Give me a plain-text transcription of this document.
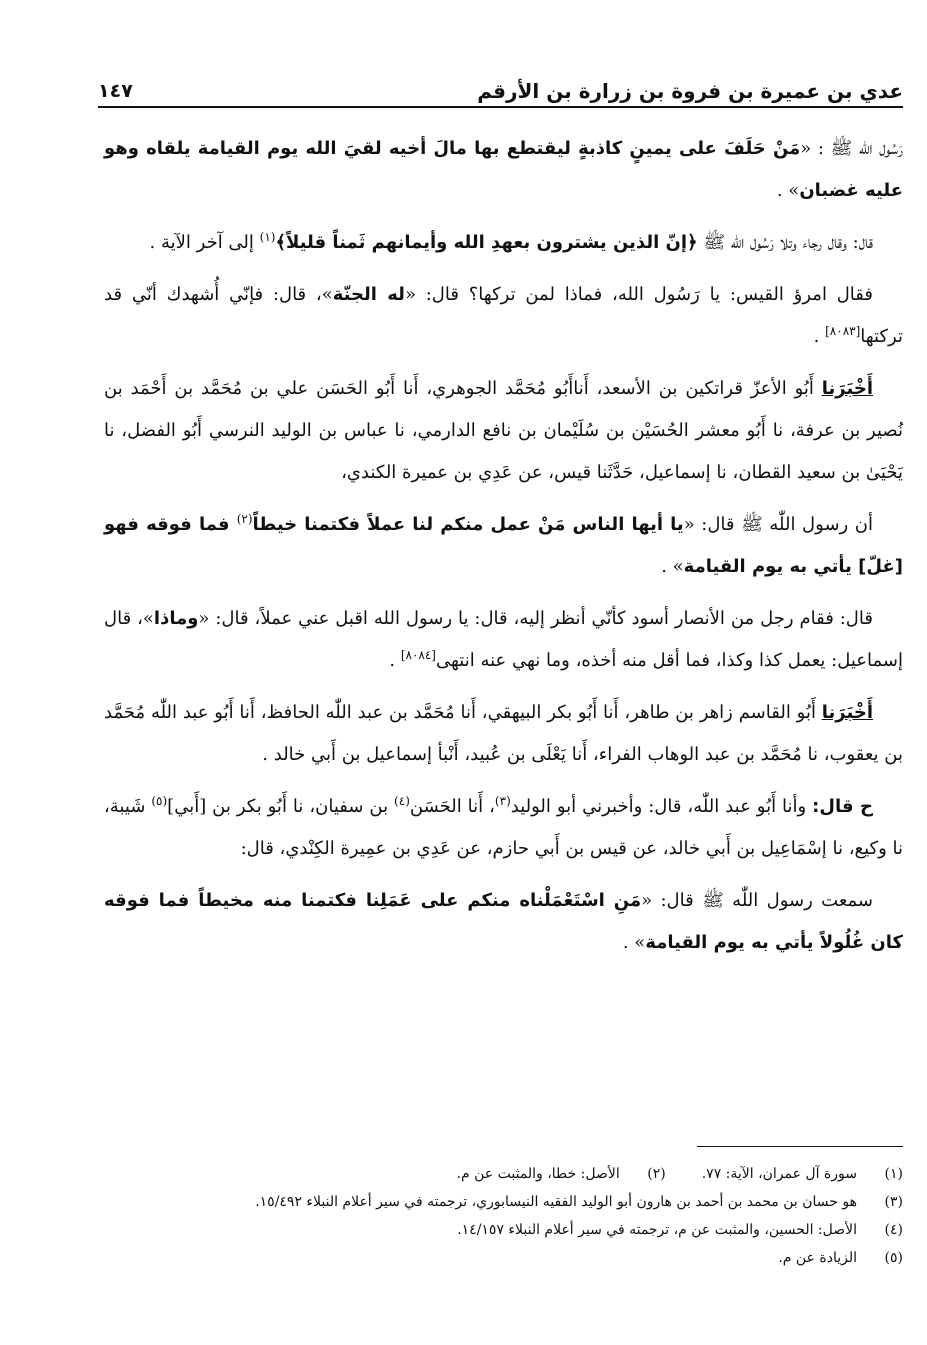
عدي بن عميرة بن فروة بن زرارة بن الأرقم
١٤٧

رَسُول الله ﷺ : «مَنْ حَلَفَ على يمينٍ كاذبةٍ ليقتطع بها مالَ أخيه لقيَ الله يوم القيامة يلقاه وهو عليه غضبان» .

قال: وقال رجاء وتلا رَسُول الله ﷺ ﴿إنّ الذين يشترون بعهدِ الله وأيمانهم ثَمناً قليلاً﴾$^{(١)}$ إلى آخر الآية .

فقال امرؤ القيس: يا رَسُول الله، فماذا لمن تركها؟ قال: «له الجنّة»، قال: فإنّي أُشهدك أنّي قد تركتها[٨٠٨٣] .

أَخْبَرَنا أَبُو الأعزّ قراتكين بن الأسعد، أَناأَبُو مُحَمَّد الجوهري، أَنا أَبُو الحَسَن علي بن مُحَمَّد بن أَحْمَد بن نُصير بن عرفة، نا أَبُو معشر الحُسَيْن بن سُلَيْمان بن نافع الدارمي، نا عباس بن الوليد النرسي أَبُو الفضل، نا يَحْيَىٰ بن سعيد القطان، نا إسماعيل، حَدَّثَنا قيس، عن عَدِي بن عميرة الكندي،

أن رسول اللّٰه ﷺ قال: «يا أيها الناس مَنْ عمل منكم لنا عملاً فكتمنا خيطاً$^{(٢)}$ فما فوقه فهو [غلّ] يأتي به يوم القيامة» .

قال: فقام رجل من الأنصار أسود كأنّي أنظر إليه، قال: يا رسول الله اقبل عني عملاً، قال: «وماذا»، قال إسماعيل: يعمل كذا وكذا، فما أقل منه أخذه، وما نهي عنه انتهى[٨٠٨٤] .

أَخْبَرَنا أَبُو القاسم زاهر بن طاهر، أَنا أَبُو بكر البيهقي، أَنا مُحَمَّد بن عبد اللّٰه الحافظ، أَنا أَبُو عبد اللّٰه مُحَمَّد بن يعقوب، نا مُحَمَّد بن عبد الوهاب الفراء، أَنا يَعْلَى بن عُبيد، أَنْبأ إسماعيل بن أَبي خالد .

ح قال: وأنا أَبُو عبد اللّٰه، قال: وأخبرني أبو الوليد$^{(٣)}$، أَنا الحَسَن$^{(٤)}$ بن سفيان، نا أَبُو بكر بن [أَبي]$^{(٥)}$ شَيبة، نا وكيع، نا إسْمَاعِيل بن أَبي خالد، عن قيس بن أَبي حازم، عن عَدِي بن عمِيرة الكِنْدي، قال:

سمعت رسول اللّٰه ﷺ قال: «مَنِ اسْتَعْمَلْناه منكم على عَمَلِنا فكتمنا منه مخيطاً فما فوقه كان غُلُولاً يأتي به يوم القيامة» .

(١)
سورة آل عمران، الآية: ٧٧.
(٢)
الأصل: خطا، والمثبت عن م.
(٣)
هو حسان بن محمد بن أحمد بن هارون أبو الوليد الفقيه النيسابوري، ترجمته في سير أعلام النبلاء ١٥/٤٩٢.
(٤)
الأصل: الحسين، والمثبت عن م، ترجمته في سير أعلام النبلاء ١٤/١٥٧.
(٥)
الزيادة عن م.
